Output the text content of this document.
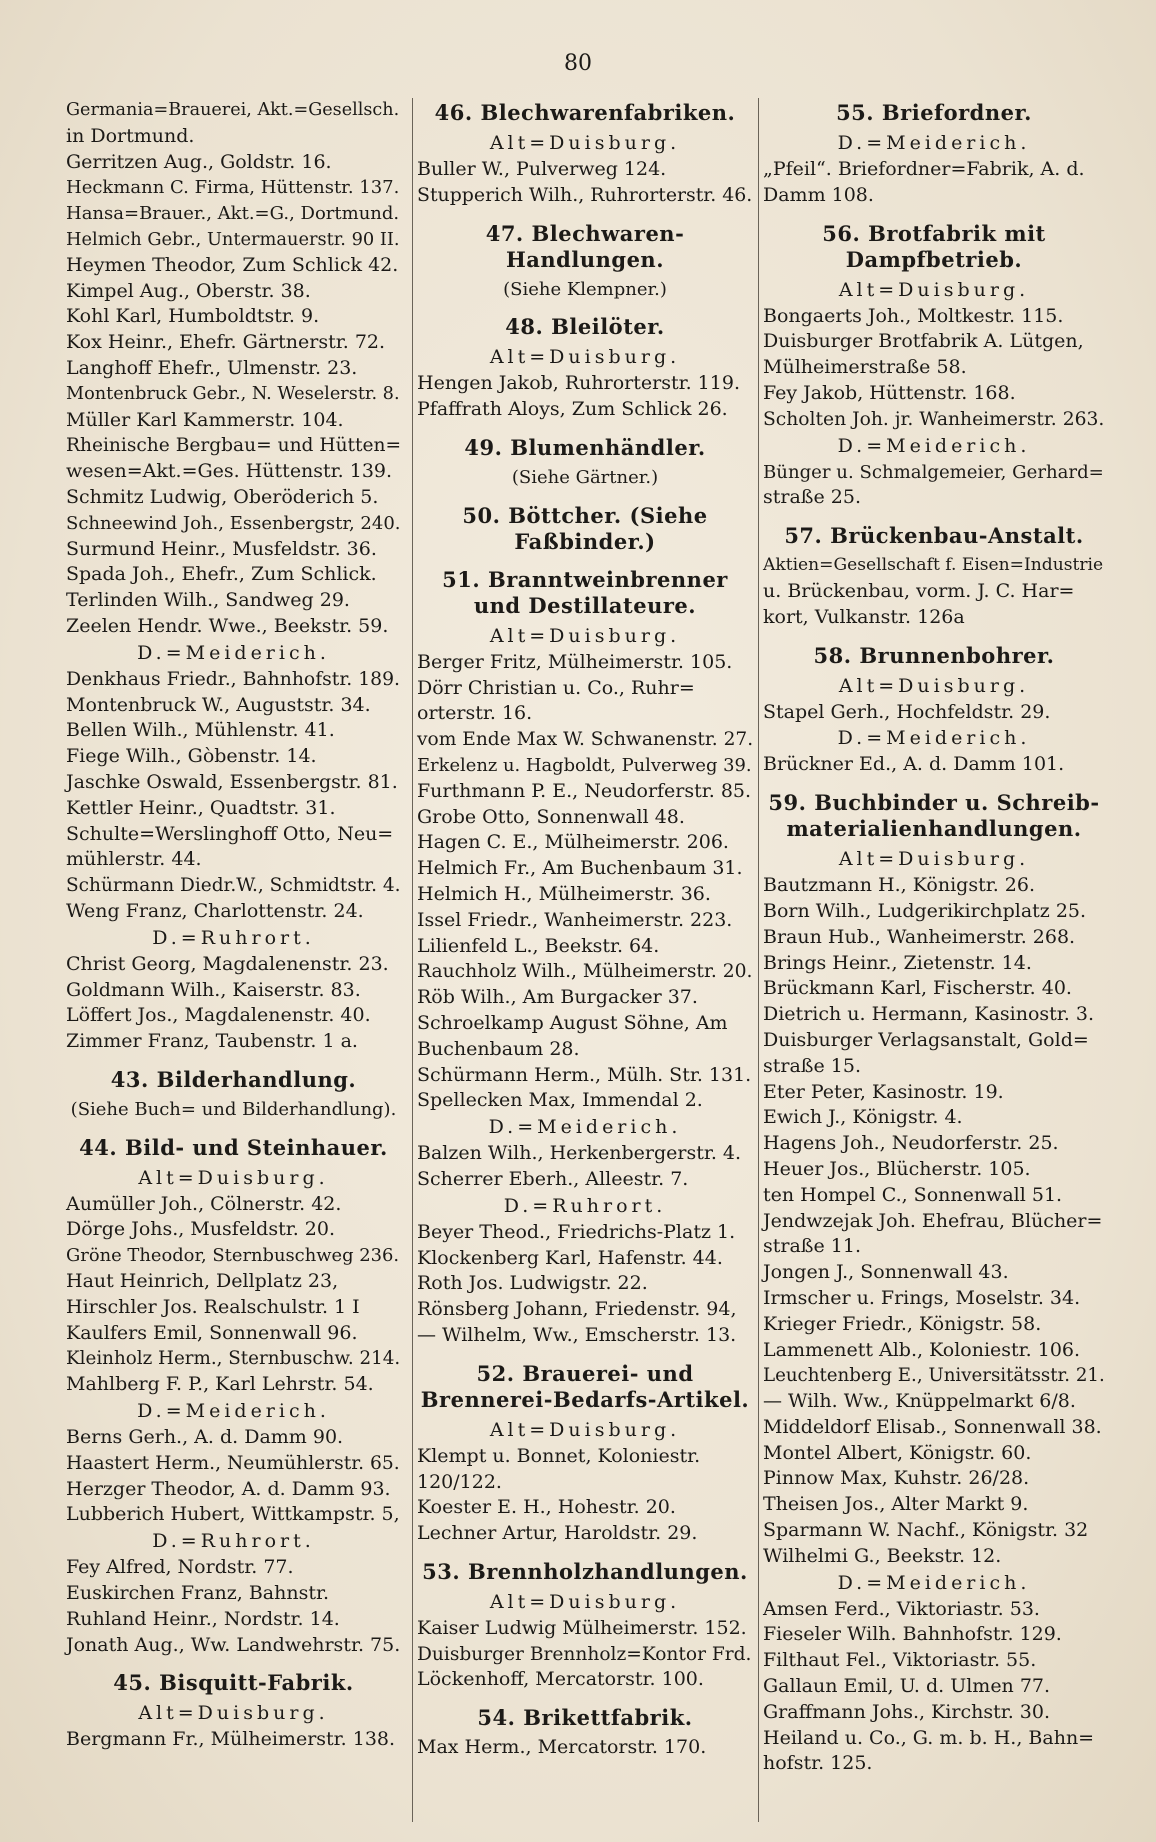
80
Germania=Brauerei, Akt.=Gesellsch.
in Dortmund.
Gerritzen Aug., Goldstr. 16.
Heckmann C. Firma, Hüttenstr. 137.
Hansa=Brauer., Akt.=G., Dortmund.
Helmich Gebr., Untermauerstr. 90 II.
Heymen Theodor, Zum Schlick 42.
Kimpel Aug., Oberstr. 38.
Kohl Karl, Humboldtstr. 9.
Kox Heinr., Ehefr. Gärtnerstr. 72.
Langhoff Ehefr., Ulmenstr. 23.
Montenbruck Gebr., N. Weselerstr. 8.
Müller Karl Kammerstr. 104.
Rheinische Bergbau= und Hütten=
wesen=Akt.=Ges. Hüttenstr. 139.
Schmitz Ludwig, Oberöderich 5.
Schneewind Joh., Essenbergstr, 240.
Surmund Heinr., Musfeldstr. 36.
Spada Joh., Ehefr., Zum Schlick.
Terlinden Wilh., Sandweg 29.
Zeelen Hendr. Wwe., Beekstr. 59.
D.=Meiderich.
Denkhaus Friedr., Bahnhofstr. 189.
Montenbruck W., Auguststr. 34.
Bellen Wilh., Mühlenstr. 41.
Fiege Wilh., Gòbenstr. 14.
Jaschke Oswald, Essenbergstr. 81.
Kettler Heinr., Quadtstr. 31.
Schulte=Werslinghoff Otto, Neu=
mühlerstr. 44.
Schürmann Diedr.W., Schmidtstr. 4.
Weng Franz, Charlottenstr. 24.
D.=Ruhrort.
Christ Georg, Magdalenenstr. 23.
Goldmann Wilh., Kaiserstr. 83.
Löffert Jos., Magdalenenstr. 40.
Zimmer Franz, Taubenstr. 1 a.
43. Bilderhandlung.
(Siehe Buch= und Bilderhandlung).
44. Bild- und Steinhauer.
Alt=Duisburg.
Aumüller Joh., Cölnerstr. 42.
Dörge Johs., Musfeldstr. 20.
Gröne Theodor, Sternbuschweg 236.
Haut Heinrich, Dellplatz 23,
Hirschler Jos. Realschulstr. 1 I
Kaulfers Emil, Sonnenwall 96.
Kleinholz Herm., Sternbuschw. 214.
Mahlberg F. P., Karl Lehrstr. 54.
D.=Meiderich.
Berns Gerh., A. d. Damm 90.
Haastert Herm., Neumühlerstr. 65.
Herzger Theodor, A. d. Damm 93.
Lubberich Hubert, Wittkampstr. 5,
D.=Ruhrort.
Fey Alfred, Nordstr. 77.
Euskirchen Franz, Bahnstr.
Ruhland Heinr., Nordstr. 14.
Jonath Aug., Ww. Landwehrstr. 75.
45. Bisquitt-Fabrik.
Alt=Duisburg.
Bergmann Fr., Mülheimerstr. 138.
46. Blechwarenfabriken.
Alt=Duisburg.
Buller W., Pulverweg 124.
Stupperich Wilh., Ruhrorterstr. 46.
47. Blechwaren-Handlungen.
(Siehe Klempner.)
48. Bleilöter.
Alt=Duisburg.
Hengen Jakob, Ruhrorterstr. 119.
Pfaffrath Aloys, Zum Schlick 26.
49. Blumenhändler.
(Siehe Gärtner.)
50. Böttcher. (Siehe Faßbinder.)
51. Branntweinbrenner
und Destillateure.
Alt=Duisburg.
Berger Fritz, Mülheimerstr. 105.
Dörr Christian u. Co., Ruhr=
orterstr. 16.
vom Ende Max W. Schwanenstr. 27.
Erkelenz u. Hagboldt, Pulverweg 39.
Furthmann P. E., Neudorferstr. 85.
Grobe Otto, Sonnenwall 48.
Hagen C. E., Mülheimerstr. 206.
Helmich Fr., Am Buchenbaum 31.
Helmich H., Mülheimerstr. 36.
Issel Friedr., Wanheimerstr. 223.
Lilienfeld L., Beekstr. 64.
Rauchholz Wilh., Mülheimerstr. 20.
Röb Wilh., Am Burgacker 37.
Schroelkamp August Söhne, Am
Buchenbaum 28.
Schürmann Herm., Mülh. Str. 131.
Spellecken Max, Immendal 2.
D.=Meiderich.
Balzen Wilh., Herkenbergerstr. 4.
Scherrer Eberh., Alleestr. 7.
D.=Ruhrort.
Beyer Theod., Friedrichs-Platz 1.
Klockenberg Karl, Hafenstr. 44.
Roth Jos. Ludwigstr. 22.
Rönsberg Johann, Friedenstr. 94,
— Wilhelm, Ww., Emscherstr. 13.
52. Brauerei- und
Brennerei-Bedarfs-Artikel.
Alt=Duisburg.
Klempt u. Bonnet, Koloniestr.
120/122.
Koester E. H., Hohestr. 20.
Lechner Artur, Haroldstr. 29.
53. Brennholzhandlungen.
Alt=Duisburg.
Kaiser Ludwig Mülheimerstr. 152.
Duisburger Brennholz=Kontor Frd.
Löckenhoff, Mercatorstr. 100.
54. Brikettfabrik.
Max Herm., Mercatorstr. 170.
55. Briefordner.
D.=Meiderich.
„Pfeil“. Briefordner=Fabrik, A. d.
Damm 108.
56. Brotfabrik mit
Dampfbetrieb.
Alt=Duisburg.
Bongaerts Joh., Moltkestr. 115.
Duisburger Brotfabrik A. Lütgen,
Mülheimerstraße 58.
Fey Jakob, Hüttenstr. 168.
Scholten Joh. jr. Wanheimerstr. 263.
D.=Meiderich.
Bünger u. Schmalgemeier, Gerhard=
straße 25.
57. Brückenbau-Anstalt.
Aktien=Gesellschaft f. Eisen=Industrie
u. Brückenbau, vorm. J. C. Har=
kort, Vulkanstr. 126a
58. Brunnenbohrer.
Alt=Duisburg.
Stapel Gerh., Hochfeldstr. 29.
D.=Meiderich.
Brückner Ed., A. d. Damm 101.
59. Buchbinder u. Schreib-
materialienhandlungen.
Alt=Duisburg.
Bautzmann H., Königstr. 26.
Born Wilh., Ludgerikirchplatz 25.
Braun Hub., Wanheimerstr. 268.
Brings Heinr., Zietenstr. 14.
Brückmann Karl, Fischerstr. 40.
Dietrich u. Hermann, Kasinostr. 3.
Duisburger Verlagsanstalt, Gold=
straße 15.
Eter Peter, Kasinostr. 19.
Ewich J., Königstr. 4.
Hagens Joh., Neudorferstr. 25.
Heuer Jos., Blücherstr. 105.
ten Hompel C., Sonnenwall 51.
Jendwzejak Joh. Ehefrau, Blücher=
straße 11.
Jongen J., Sonnenwall 43.
Irmscher u. Frings, Moselstr. 34.
Krieger Friedr., Königstr. 58.
Lammenett Alb., Koloniestr. 106.
Leuchtenberg E., Universitätsstr. 21.
— Wilh. Ww., Knüppelmarkt 6/8.
Middeldorf Elisab., Sonnenwall 38.
Montel Albert, Königstr. 60.
Pinnow Max, Kuhstr. 26/28.
Theisen Jos., Alter Markt 9.
Sparmann W. Nachf., Königstr. 32
Wilhelmi G., Beekstr. 12.
D.=Meiderich.
Amsen Ferd., Viktoriastr. 53.
Fieseler Wilh. Bahnhofstr. 129.
Filthaut Fel., Viktoriastr. 55.
Gallaun Emil, U. d. Ulmen 77.
Graffmann Johs., Kirchstr. 30.
Heiland u. Co., G. m. b. H., Bahn=
hofstr. 125.
